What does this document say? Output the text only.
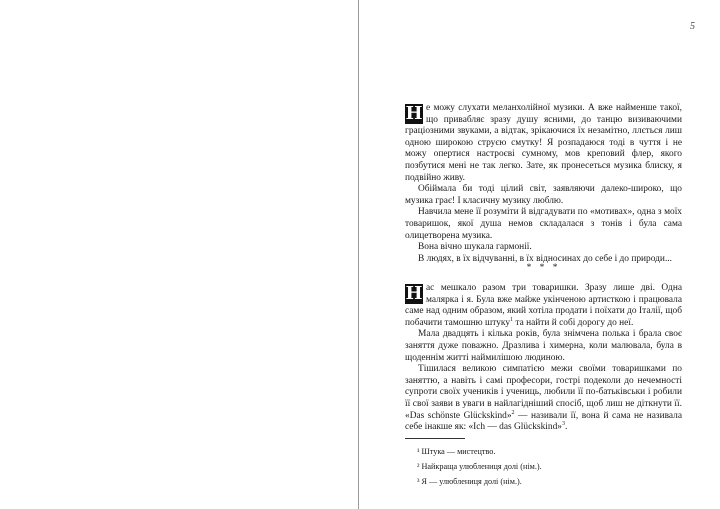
5

Н е можу слухати меланхолійної музики. А вже найменше такої, що привабляє зразу душу ясними, до танцю визиваючими граціозними звуками, а відтак, зрікаючися їх незамітно, ллється лиш одною широкою струєю смутку! Я розпадаюся тоді в чуття і не можу опертися настроєві сумному, мов креповий флер, якого позбутися мені не так легко. Зате, як пронесеться музика блиску, я подвійно живу.

Обіймала би тоді цілий світ, заявляючи далеко-широко, що музика грає! І класичну музику люблю.

Навчила мене її розуміти й відгадувати по «мотивах», одна з моїх товаришок, якої душа немов складалася з тонів і була сама олицетворена музика.

Вона вічно шукала гармонії.

В людях, в їх відчуванні, в їх відносинах до себе і до природи...

* * *

Н ас мешкало разом три товаришки. Зразу лише дві. Одна малярка і я. Була вже майже укінченою артисткою і працювала саме над одним образом, який хотіла продати і поїхати до Італії, щоб побачити тамошню штуку$^1$ та найти й собі дорогу до неї.

Мала двадцять і кілька років, була знімчена полька і брала своє заняття дуже поважно. Дразлива і химерна, коли малювала, була в щоденнім житті наймилішою людиною.

Тішилася великою симпатією межи своїми товаришками по заняттю, а навіть і самі професори, гострі подеколи до нечемності супроти своїх учеників і учениць, любили її по-батьківськи і робили її свої заяви в уваги в найлагіднiший спосіб, щоб лиш не діткнути її. «Das schönste Glückskind»$^2$ — називали її, вона й сама не називала себе інакше як: «Ich — das Glückskind»$^3$.

¹ Штука — мистецтво.
² Найкраща улюблениця долі (нім.).
³ Я — улюблениця долі (нім.).
